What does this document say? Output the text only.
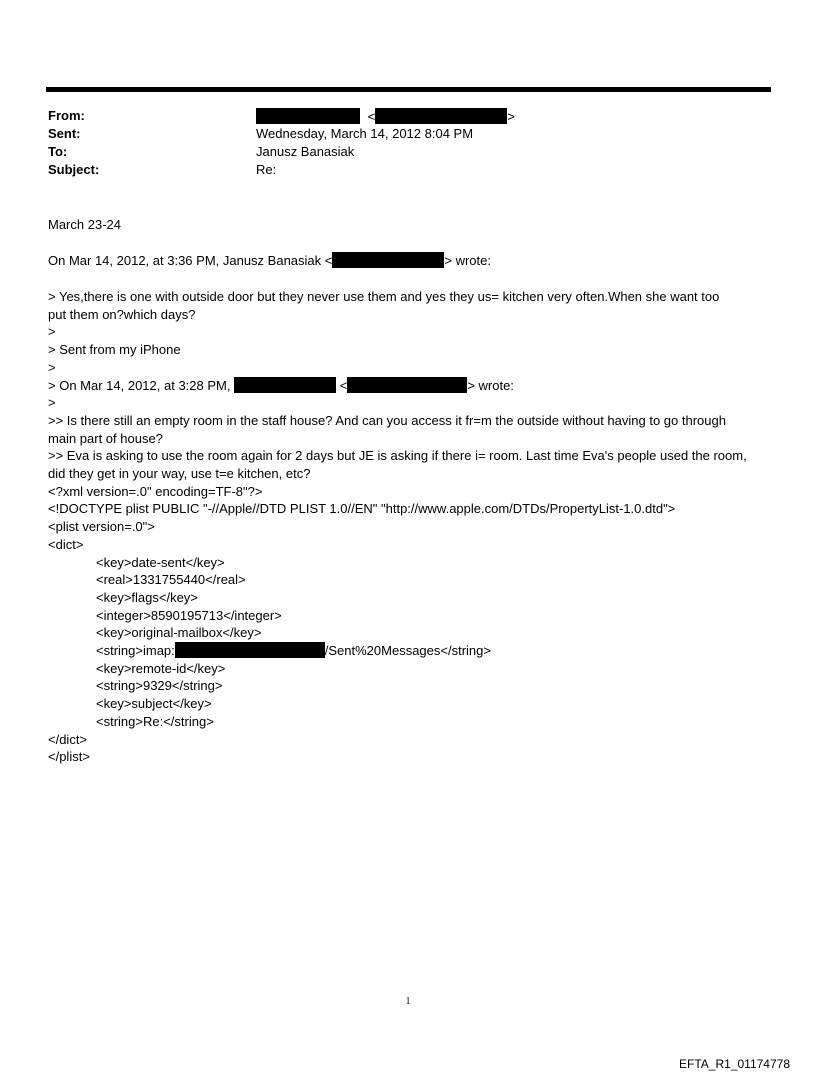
From:	<	>
Sent:	Wednesday, March 14, 2012 8:04 PM
To:	Janusz Banasiak
Subject:	Re:
March 23-24
On Mar 14, 2012, at 3:36 PM, Janusz Banasiak <	> wrote:
> Yes,there is one with outside door but they never use them and yes they us= kitchen very often.When she want too
put them on?which days?
>
> Sent from my iPhone
>
> On Mar 14, 2012, at 3:28 PM,	<	> wrote:
>
>> Is there still an empty room in the staff house? And can you access it fr=m the outside without having to go through
main part of house?
>> Eva is asking to use the room again for 2 days but JE is asking if there i= room. Last time Eva's people used the room,
did they get in your way, use t=e kitchen, etc?
<?xml version=.0" encoding=TF-8"?>
<!DOCTYPE plist PUBLIC "-//Apple//DTD PLIST 1.0//EN" "http://www.apple.com/DTDs/PropertyList-1.0.dtd">
<plist version=.0">
<dict>
<key>date-sent</key>
<real>1331755440</real>
<key>flags</key>
<integer>8590195713</integer>
<key>original-mailbox</key>
<string>imap:	/Sent%20Messages</string>
<key>remote-id</key>
<string>9329</string>
<key>subject</key>
<string>Re:</string>
</dict>
</plist>
1
EFTA_R1_01174778
